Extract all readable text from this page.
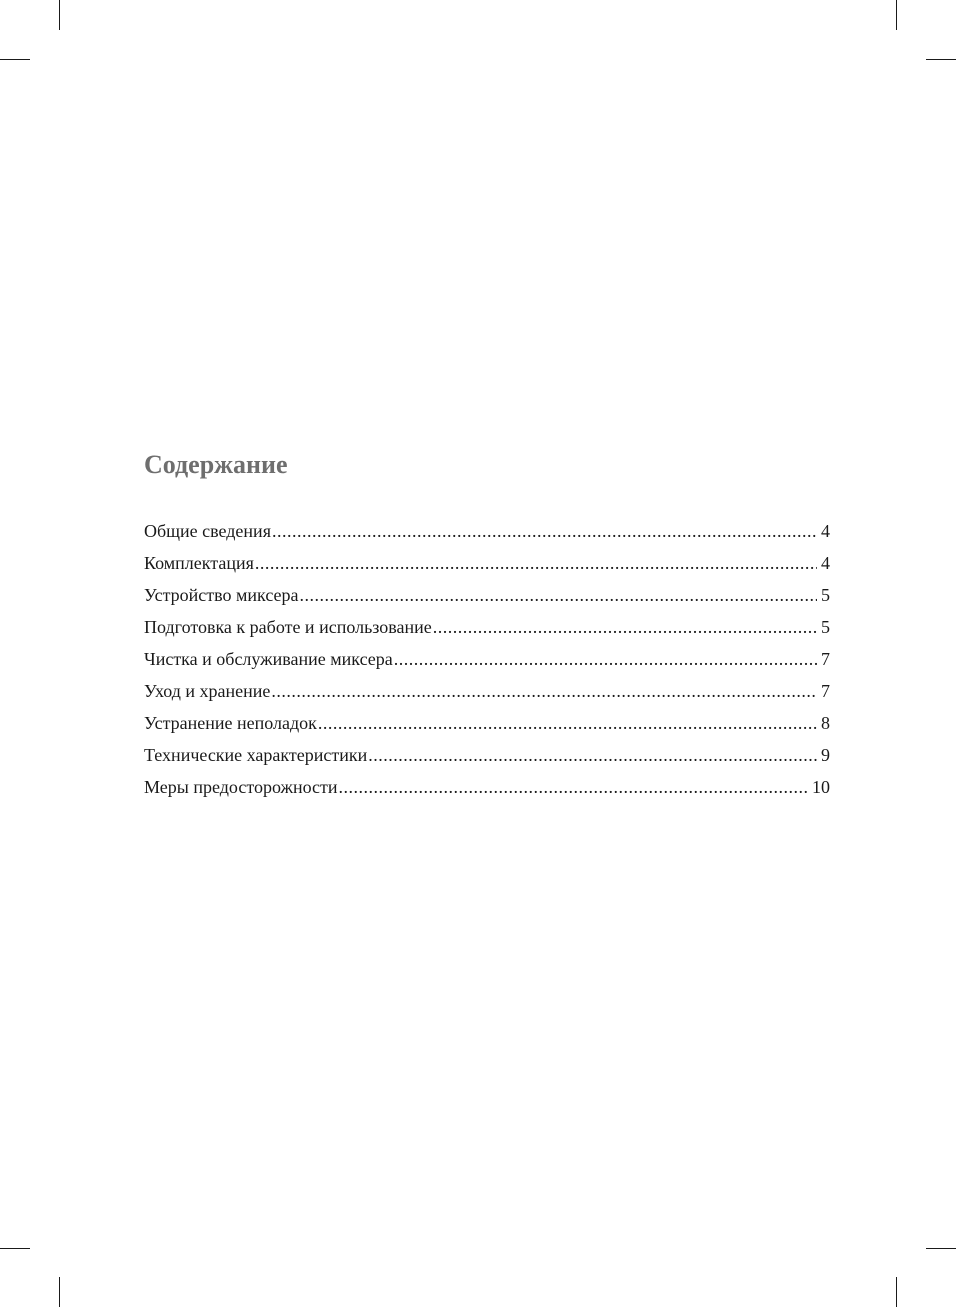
Содержание
Общие сведения .....	4
Комплектация .....	4
Устройство миксера .....	5
Подготовка к работе и использование .....	5
Чистка и обслуживание миксера .....	7
Уход и хранение .....	7
Устранение неполадок .....	8
Технические характеристики .....	9
Меры предосторожности .....	10
